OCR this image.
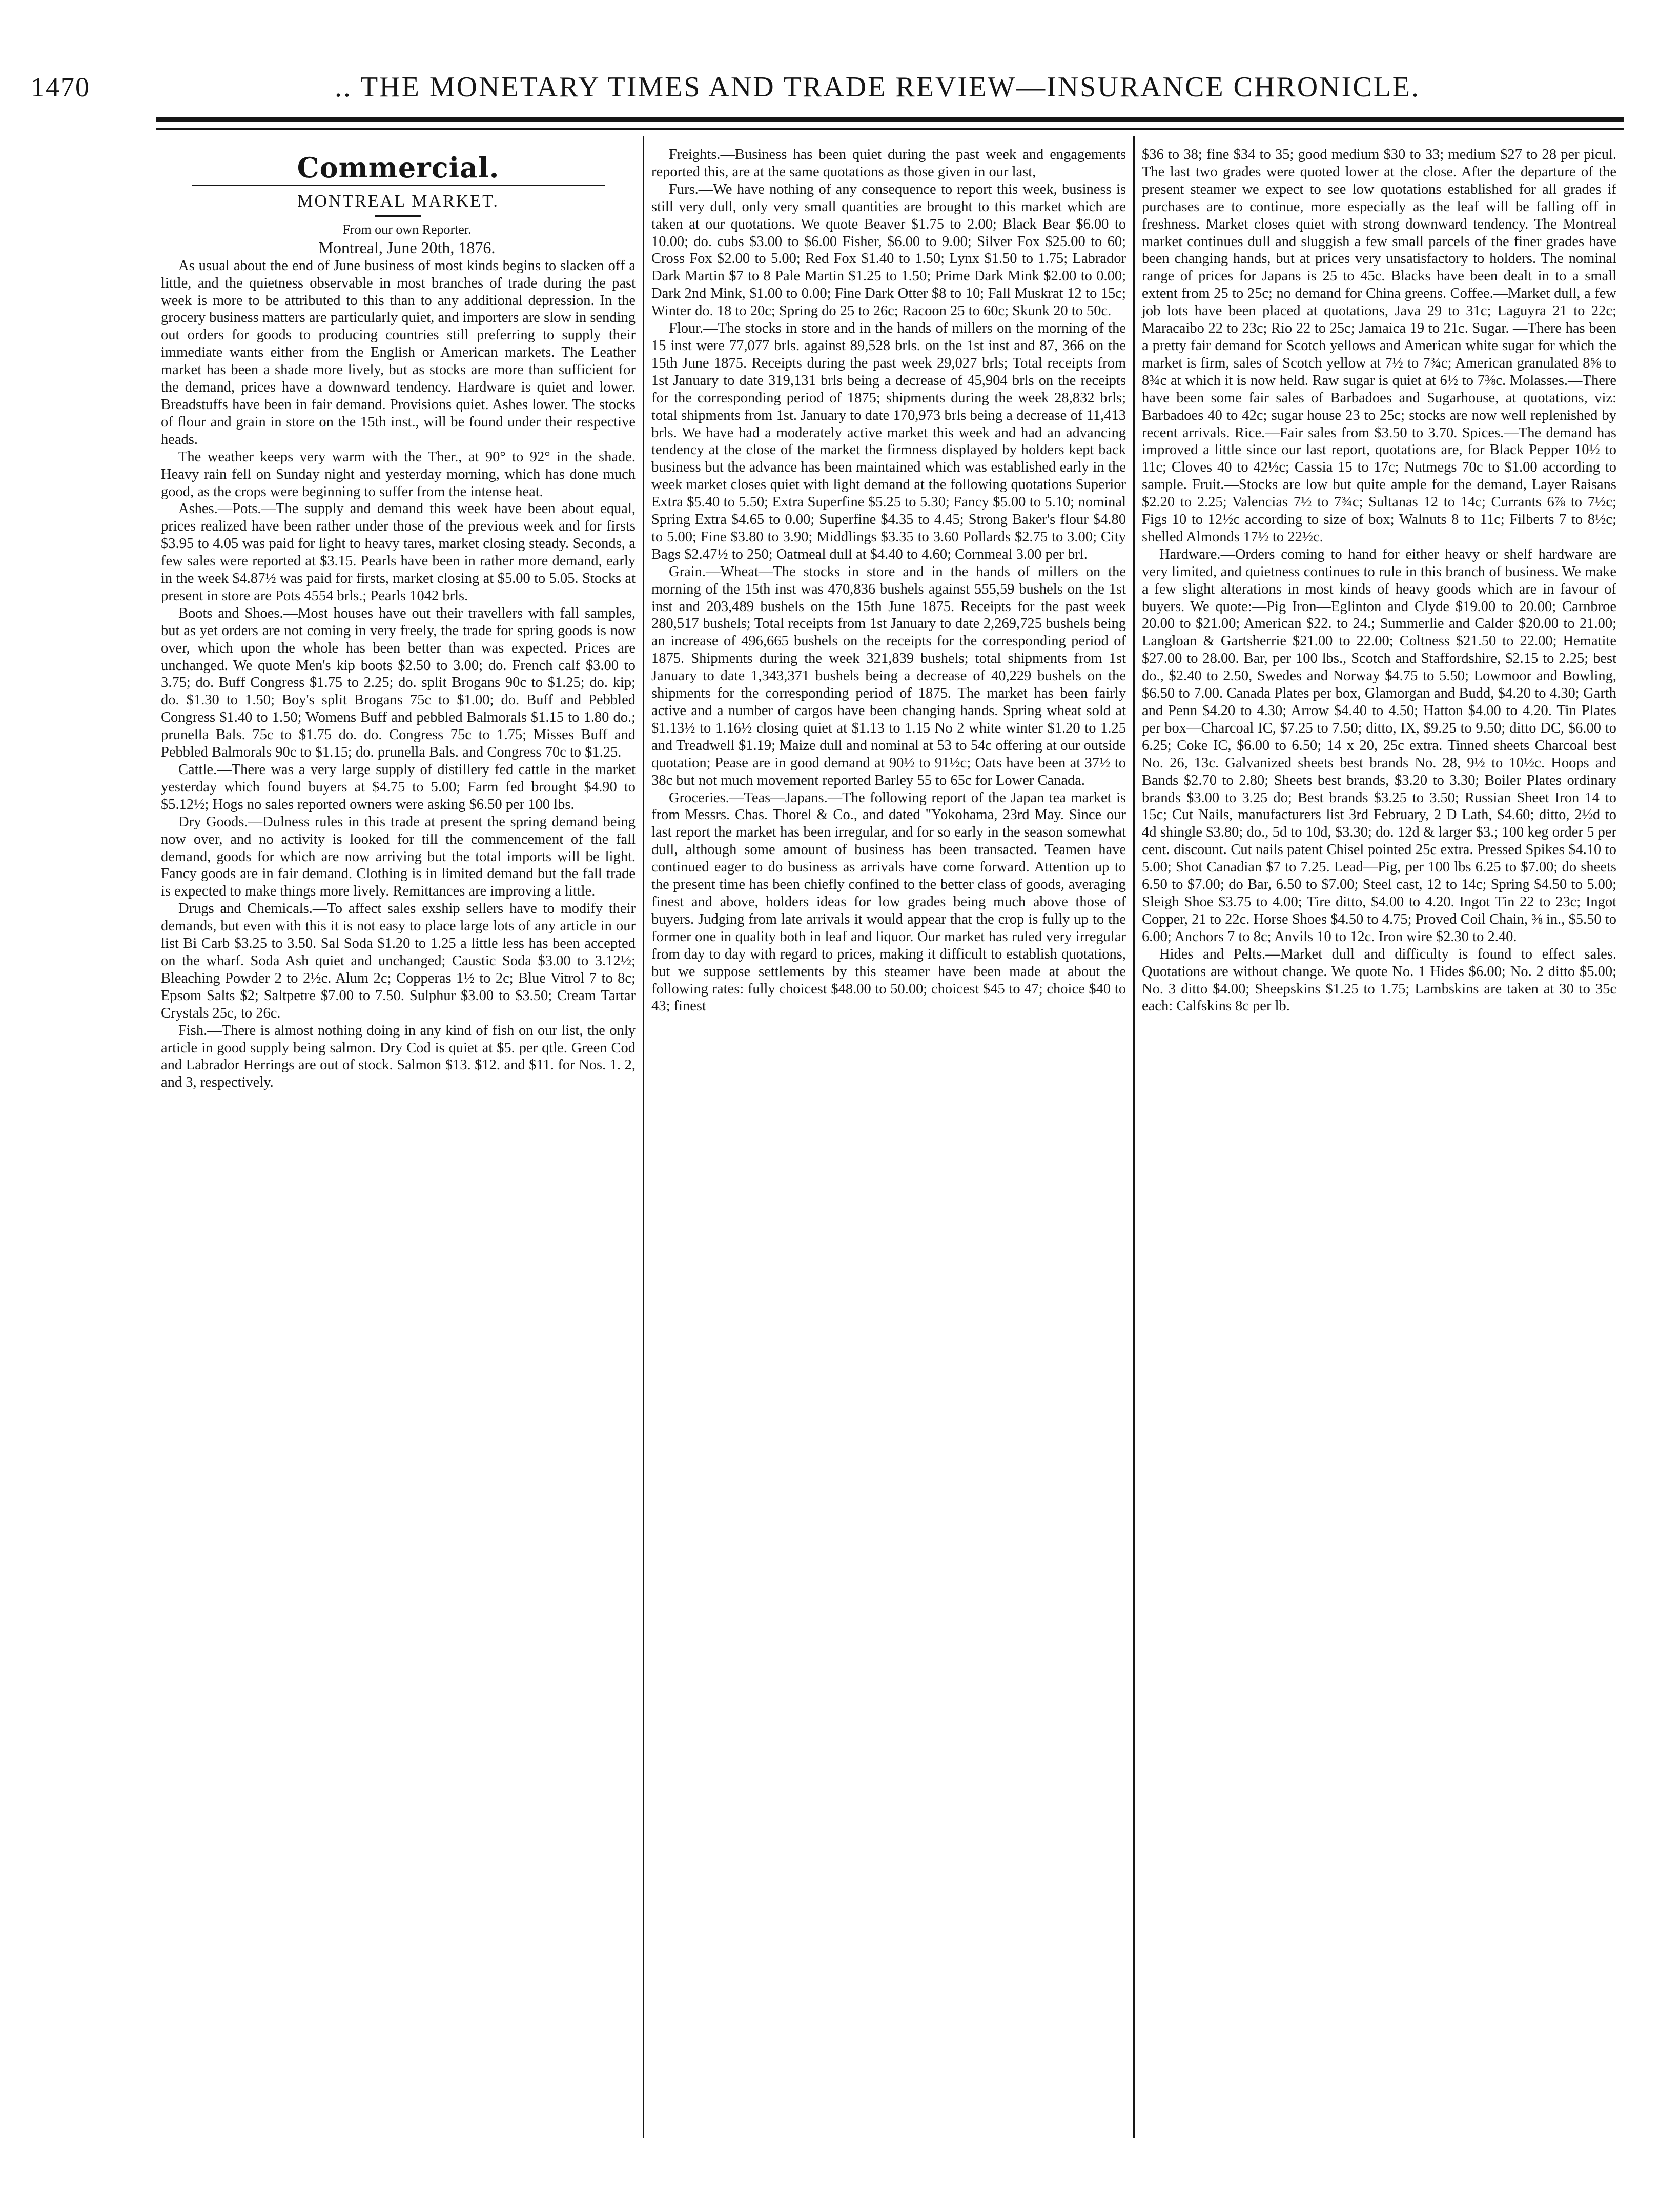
1470	.. THE MONETARY TIMES AND TRADE REVIEW—INSURANCE CHRONICLE.
Commercial.
MONTREAL MARKET.

From our own Reporter.

Montreal, June 20th, 1876.

As usual about the end of June business of most kinds begins to slacken off a little, and the quietness observable in most branches of trade during the past week is more to be attributed to this than to any additional depression. In the grocery business matters are particularly quiet, and importers are slow in sending out orders for goods to producing countries still preferring to supply their immediate wants either from the English or American markets. The Leather market has been a shade more lively, but as stocks are more than sufficient for the demand, prices have a downward tendency. Hardware is quiet and lower. Breadstuffs have been in fair demand. Provisions quiet. Ashes lower. The stocks of flour and grain in store on the 15th inst., will be found under their respective heads.

The weather keeps very warm with the Ther., at 90° to 92° in the shade. Heavy rain fell on Sunday night and yesterday morning, which has done much good, as the crops were beginning to suffer from the intense heat.

Ashes.—Pots.—The supply and demand this week have been about equal, prices realized have been rather under those of the previous week and for firsts $3.95 to 4.05 was paid for light to heavy tares, market closing steady. Seconds, a few sales were reported at $3.15. Pearls have been in rather more demand, early in the week $4.87½ was paid for firsts, market closing at $5.00 to 5.05. Stocks at present in store are Pots 4554 brls.; Pearls 1042 brls.

Boots and Shoes.—Most houses have out their travellers with fall samples, but as yet orders are not coming in very freely, the trade for spring goods is now over, which upon the whole has been better than was expected. Prices are unchanged. We quote Men's kip boots $2.50 to 3.00; do. French calf $3.00 to 3.75; do. Buff Congress $1.75 to 2.25; do. split Brogans 90c to $1.25; do. kip; do. $1.30 to 1.50; Boy's split Brogans 75c to $1.00; do. Buff and Pebbled Congress $1.40 to 1.50; Womens Buff and pebbled Balmorals $1.15 to 1.80 do.; prunella Bals. 75c to $1.75 do. do. Congress 75c to 1.75; Misses Buff and Pebbled Balmorals 90c to $1.15; do. prunella Bals. and Congress 70c to $1.25.

Cattle.—There was a very large supply of distillery fed cattle in the market yesterday which found buyers at $4.75 to 5.00; Farm fed brought $4.90 to $5.12½; Hogs no sales reported owners were asking $6.50 per 100 lbs.

Dry Goods.—Dulness rules in this trade at present the spring demand being now over, and no activity is looked for till the commencement of the fall demand, goods for which are now arriving but the total imports will be light. Fancy goods are in fair demand. Clothing is in limited demand but the fall trade is expected to make things more lively. Remittances are improving a little.

Drugs and Chemicals.—To affect sales exship sellers have to modify their demands, but even with this it is not easy to place large lots of any article in our list Bi Carb $3.25 to 3.50. Sal Soda $1.20 to 1.25 a little less has been accepted on the wharf. Soda Ash quiet and unchanged; Caustic Soda $3.00 to 3.12½; Bleaching Powder 2 to 2½c. Alum 2c; Copperas 1½ to 2c; Blue Vitrol 7 to 8c; Epsom Salts $2; Saltpetre $7.00 to 7.50. Sulphur $3.00 to $3.50; Cream Tartar Crystals 25c, to 26c.

Fish.—There is almost nothing doing in any kind of fish on our list, the only article in good supply being salmon. Dry Cod is quiet at $5. per qtle. Green Cod and Labrador Herrings are out of stock. Salmon $13. $12. and $11. for Nos. 1. 2, and 3, respectively.

Freights.—Business has been quiet during the past week and engagements reported this, are at the same quotations as those given in our last,

Furs.—We have nothing of any consequence to report this week, business is still very dull, only very small quantities are brought to this market which are taken at our quotations. We quote Beaver $1.75 to 2.00; Black Bear $6.00 to 10.00; do. cubs $3.00 to $6.00 Fisher, $6.00 to 9.00; Silver Fox $25.00 to 60; Cross Fox $2.00 to 5.00; Red Fox $1.40 to 1.50; Lynx $1.50 to 1.75; Labrador Dark Martin $7 to 8 Pale Martin $1.25 to 1.50; Prime Dark Mink $2.00 to 0.00; Dark 2nd Mink, $1.00 to 0.00; Fine Dark Otter $8 to 10; Fall Muskrat 12 to 15c; Winter do. 18 to 20c; Spring do 25 to 26c; Racoon 25 to 60c; Skunk 20 to 50c.

Flour.—The stocks in store and in the hands of millers on the morning of the 15 inst were 77,077 brls. against 89,528 brls. on the 1st inst and 87, 366 on the 15th June 1875. Receipts during the past week 29,027 brls; Total receipts from 1st January to date 319,131 brls being a decrease of 45,904 brls on the receipts for the corresponding period of 1875; shipments during the week 28,832 brls; total shipments from 1st. January to date 170,973 brls being a decrease of 11,413 brls. We have had a moderately active market this week and had an advancing tendency at the close of the market the firmness displayed by holders kept back business but the advance has been maintained which was established early in the week market closes quiet with light demand at the following quotations Superior Extra $5.40 to 5.50; Extra Superfine $5.25 to 5.30; Fancy $5.00 to 5.10; nominal Spring Extra $4.65 to 0.00; Superfine $4.35 to 4.45; Strong Baker's flour $4.80 to 5.00; Fine $3.80 to 3.90; Middlings $3.35 to 3.60 Pollards $2.75 to 3.00; City Bags $2.47½ to 250; Oatmeal dull at $4.40 to 4.60; Cornmeal 3.00 per brl.

Grain.—Wheat—The stocks in store and in the hands of millers on the morning of the 15th inst was 470,836 bushels against 555,59 bushels on the 1st inst and 203,489 bushels on the 15th June 1875. Receipts for the past week 280,517 bushels; Total receipts from 1st January to date 2,269,725 bushels being an increase of 496,665 bushels on the receipts for the corresponding period of 1875. Shipments during the week 321,839 bushels; total shipments from 1st January to date 1,343,371 bushels being a decrease of 40,229 bushels on the shipments for the corresponding period of 1875. The market has been fairly active and a number of cargos have been changing hands. Spring wheat sold at $1.13½ to 1.16½ closing quiet at $1.13 to 1.15 No 2 white winter $1.20 to 1.25 and Treadwell $1.19; Maize dull and nominal at 53 to 54c offering at our outside quotation; Pease are in good demand at 90½ to 91½c; Oats have been at 37½ to 38c but not much movement reported Barley 55 to 65c for Lower Canada.

Groceries.—Teas—Japans.—The following report of the Japan tea market is from Messrs. Chas. Thorel & Co., and dated "Yokohama, 23rd May. Since our last report the market has been irregular, and for so early in the season somewhat dull, although some amount of business has been transacted. Teamen have continued eager to do business as arrivals have come forward. Attention up to the present time has been chiefly confined to the better class of goods, averaging finest and above, holders ideas for low grades being much above those of buyers. Judging from late arrivals it would appear that the crop is fully up to the former one in quality both in leaf and liquor. Our market has ruled very irregular from day to day with regard to prices, making it difficult to establish quotations, but we suppose settlements by this steamer have been made at about the following rates: fully choicest $48.00 to 50.00; choicest $45 to 47; choice $40 to 43; finest

$36 to 38; fine $34 to 35; good medium $30 to 33; medium $27 to 28 per picul. The last two grades were quoted lower at the close. After the departure of the present steamer we expect to see low quotations established for all grades if purchases are to continue, more especially as the leaf will be falling off in freshness. Market closes quiet with strong downward tendency. The Montreal market continues dull and sluggish a few small parcels of the finer grades have been changing hands, but at prices very unsatisfactory to holders. The nominal range of prices for Japans is 25 to 45c. Blacks have been dealt in to a small extent from 25 to 25c; no demand for China greens. Coffee.—Market dull, a few job lots have been placed at quotations, Java 29 to 31c; Laguyra 21 to 22c; Maracaibo 22 to 23c; Rio 22 to 25c; Jamaica 19 to 21c. Sugar. —There has been a pretty fair demand for Scotch yellows and American white sugar for which the market is firm, sales of Scotch yellow at 7½ to 7¾c; American granulated 8⅝ to 8¾c at which it is now held. Raw sugar is quiet at 6½ to 7⅜c. Molasses.—There have been some fair sales of Barbadoes and Sugarhouse, at quotations, viz: Barbadoes 40 to 42c; sugar house 23 to 25c; stocks are now well replenished by recent arrivals. Rice.—Fair sales from $3.50 to 3.70. Spices.—The demand has improved a little since our last report, quotations are, for Black Pepper 10½ to 11c; Cloves 40 to 42½c; Cassia 15 to 17c; Nutmegs 70c to $1.00 according to sample. Fruit.—Stocks are low but quite ample for the demand, Layer Raisans $2.20 to 2.25; Valencias 7½ to 7¾c; Sultanas 12 to 14c; Currants 6⅞ to 7½c; Figs 10 to 12½c according to size of box; Walnuts 8 to 11c; Filberts 7 to 8½c; shelled Almonds 17½ to 22½c.

Hardware.—Orders coming to hand for either heavy or shelf hardware are very limited, and quietness continues to rule in this branch of business. We make a few slight alterations in most kinds of heavy goods which are in favour of buyers. We quote:—Pig Iron—Eglinton and Clyde $19.00 to 20.00; Carnbroe 20.00 to $21.00; American $22. to 24.; Summerlie and Calder $20.00 to 21.00; Langloan & Gartsherrie $21.00 to 22.00; Coltness $21.50 to 22.00; Hematite $27.00 to 28.00. Bar, per 100 lbs., Scotch and Staffordshire, $2.15 to 2.25; best do., $2.40 to 2.50, Swedes and Norway $4.75 to 5.50; Lowmoor and Bowling, $6.50 to 7.00. Canada Plates per box, Glamorgan and Budd, $4.20 to 4.30; Garth and Penn $4.20 to 4.30; Arrow $4.40 to 4.50; Hatton $4.00 to 4.20. Tin Plates per box—Charcoal IC, $7.25 to 7.50; ditto, IX, $9.25 to 9.50; ditto DC, $6.00 to 6.25; Coke IC, $6.00 to 6.50; 14 x 20, 25c extra. Tinned sheets Charcoal best No. 26, 13c. Galvanized sheets best brands No. 28, 9½ to 10½c. Hoops and Bands $2.70 to 2.80; Sheets best brands, $3.20 to 3.30; Boiler Plates ordinary brands $3.00 to 3.25 do; Best brands $3.25 to 3.50; Russian Sheet Iron 14 to 15c; Cut Nails, manufacturers list 3rd February, 2 D Lath, $4.60; ditto, 2½d to 4d shingle $3.80; do., 5d to 10d, $3.30; do. 12d & larger $3.; 100 keg order 5 per cent. discount. Cut nails patent Chisel pointed 25c extra. Pressed Spikes $4.10 to 5.00; Shot Canadian $7 to 7.25. Lead—Pig, per 100 lbs 6.25 to $7.00; do sheets 6.50 to $7.00; do Bar, 6.50 to $7.00; Steel cast, 12 to 14c; Spring $4.50 to 5.00; Sleigh Shoe $3.75 to 4.00; Tire ditto, $4.00 to 4.20. Ingot Tin 22 to 23c; Ingot Copper, 21 to 22c. Horse Shoes $4.50 to 4.75; Proved Coil Chain, ⅜ in., $5.50 to 6.00; Anchors 7 to 8c; Anvils 10 to 12c. Iron wire $2.30 to 2.40.

Hides and Pelts.—Market dull and difficulty is found to effect sales. Quotations are without change. We quote No. 1 Hides $6.00; No. 2 ditto $5.00; No. 3 ditto $4.00; Sheepskins $1.25 to 1.75; Lambskins are taken at 30 to 35c each: Calfskins 8c per lb.
